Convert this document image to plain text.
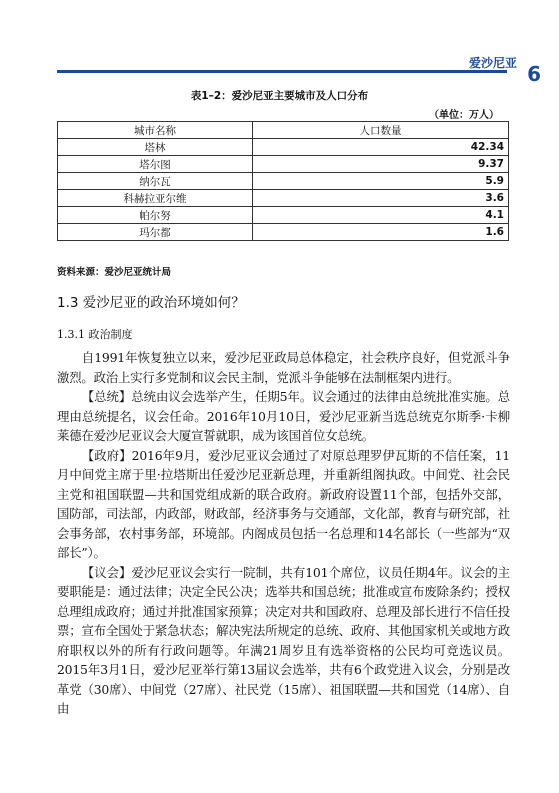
爱沙尼亚 6
表1–2：爱沙尼亚主要城市及人口分布
（单位：万人）
城市名称	人口数量
塔林	42.34
塔尔图	9.37
纳尔瓦	5.9
科赫拉亚尔维	3.6
帕尔努	4.1
玛尔都	1.6
资料来源：爱沙尼亚统计局
1.3 爱沙尼亚的政治环境如何？
1.3.1 政治制度

自1991年恢复独立以来，爱沙尼亚政局总体稳定，社会秩序良好，但党派斗争激烈。政治上实行多党制和议会民主制，党派斗争能够在法制框架内进行。

【总统】总统由议会选举产生，任期5年。议会通过的法律由总统批准实施。总理由总统提名，议会任命。2016年10月10日，爱沙尼亚新当选总统克尔斯季·卡柳莱德在爱沙尼亚议会大厦宣誓就职，成为该国首位女总统。

【政府】2016年9月，爱沙尼亚议会通过了对原总理罗伊瓦斯的不信任案，11月中间党主席于里·拉塔斯出任爱沙尼亚新总理，并重新组阁执政。中间党、社会民主党和祖国联盟—共和国党组成新的联合政府。新政府设置11个部，包括外交部，国防部，司法部，内政部，财政部，经济事务与交通部，文化部，教育与研究部，社会事务部，农村事务部，环境部。内阁成员包括一名总理和14名部长（一些部为“双部长”）。

【议会】爱沙尼亚议会实行一院制，共有101个席位，议员任期4年。议会的主要职能是：通过法律；决定全民公决；选举共和国总统；批准或宣布废除条约；授权总理组成政府；通过并批准国家预算；决定对共和国政府、总理及部长进行不信任投票；宣布全国处于紧急状态；解决宪法所规定的总统、政府、其他国家机关或地方政府职权以外的所有行政问题等。年满21周岁且有选举资格的公民均可竞选议员。2015年3月1日，爱沙尼亚举行第13届议会选举，共有6个政党进入议会，分别是改革党（30席）、中间党（27席）、社民党（15席）、祖国联盟—共和国党（14席）、自由
